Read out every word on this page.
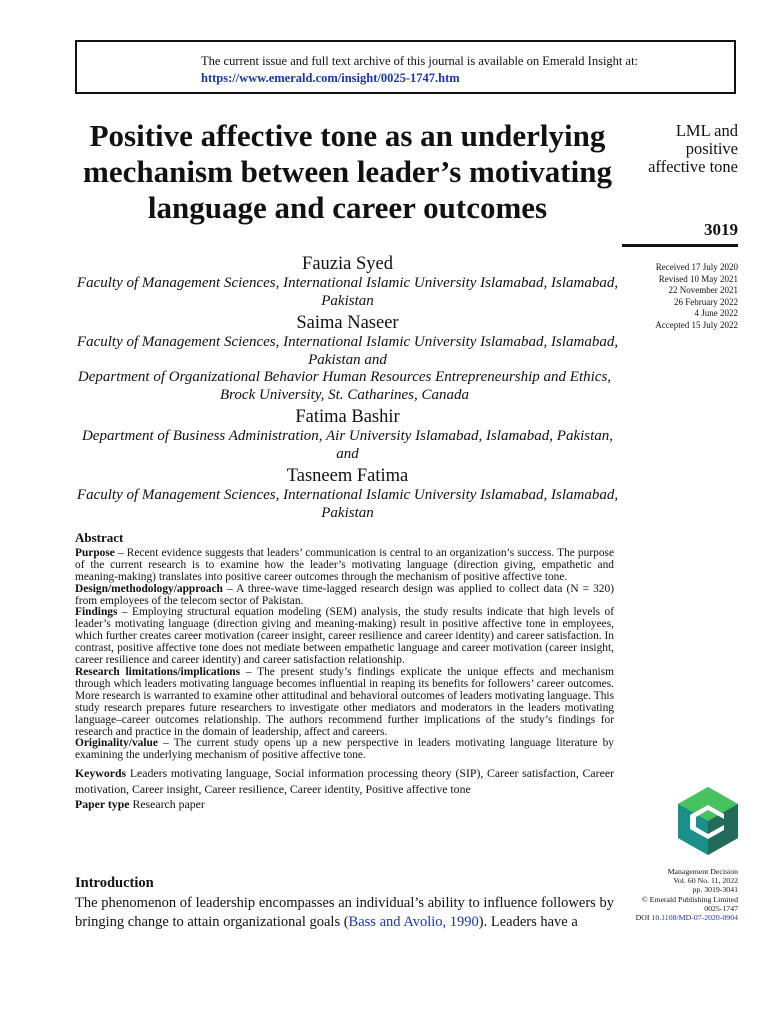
The current issue and full text archive of this journal is available on Emerald Insight at:
https://www.emerald.com/insight/0025-1747.htm
Positive affective tone as an underlying mechanism between leader’s motivating language and career outcomes
LML and
positive
affective tone
3019
Received 17 July 2020
Revised 10 May 2021
22 November 2021
26 February 2022
4 June 2022
Accepted 15 July 2022

Fauzia Syed

Faculty of Management Sciences, International Islamic University Islamabad, Islamabad, Pakistan

Saima Naseer

Faculty of Management Sciences, International Islamic University Islamabad, Islamabad, Pakistan and

Department of Organizational Behavior Human Resources Entrepreneurship and Ethics, Brock University, St. Catharines, Canada

Fatima Bashir

Department of Business Administration, Air University Islamabad, Islamabad, Pakistan, and

Tasneem Fatima

Faculty of Management Sciences, International Islamic University Islamabad, Islamabad, Pakistan

Abstract

Purpose – Recent evidence suggests that leaders’ communication is central to an organization’s success. The purpose of the current research is to examine how the leader’s motivating language (direction giving, empathetic and meaning-making) translates into positive career outcomes through the mechanism of positive affective tone.

Design/methodology/approach – A three-wave time-lagged research design was applied to collect data (N = 320) from employees of the telecom sector of Pakistan.

Findings – Employing structural equation modeling (SEM) analysis, the study results indicate that high levels of leader’s motivating language (direction giving and meaning-making) result in positive affective tone in employees, which further creates career motivation (career insight, career resilience and career identity) and career satisfaction. In contrast, positive affective tone does not mediate between empathetic language and career motivation (career insight, career resilience and career identity) and career satisfaction relationship.

Research limitations/implications – The present study’s findings explicate the unique effects and mechanism through which leaders motivating language becomes influential in reaping its benefits for followers’ career outcomes. More research is warranted to examine other attitudinal and behavioral outcomes of leaders motivating language. This study research prepares future researchers to investigate other mediators and moderators in the leaders motivating language–career outcomes relationship. The authors recommend further implications of the study’s findings for research and practice in the domain of leadership, affect and careers.

Originality/value – The current study opens up a new perspective in leaders motivating language literature by examining the underlying mechanism of positive affective tone.

Keywords Leaders motivating language, Social information processing theory (SIP), Career satisfaction, Career motivation, Career insight, Career resilience, Career identity, Positive affective tone

Paper type Research paper

Management Decision
Vol. 60 No. 11, 2022
pp. 3019-3041
© Emerald Publishing Limited
0025-1747
DOI 10.1108/MD-07-2020-0904
Introduction

The phenomenon of leadership encompasses an individual’s ability to influence followers by bringing change to attain organizational goals (Bass and Avolio, 1990). Leaders have a
